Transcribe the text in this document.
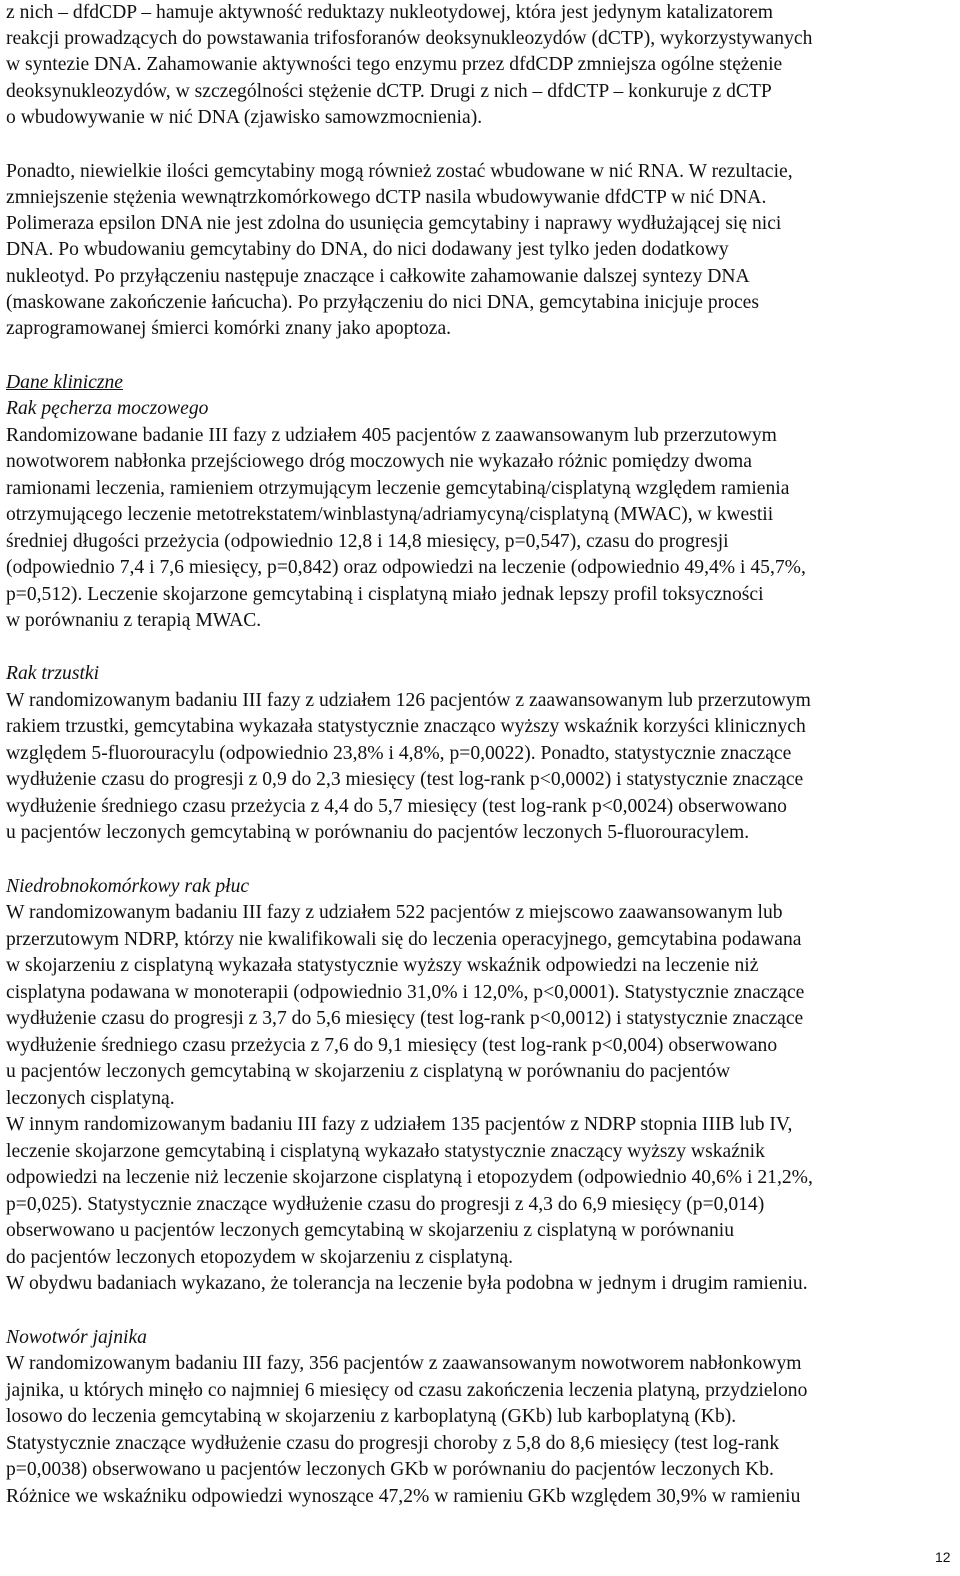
z nich – dfdCDP – hamuje aktywność reduktazy nukleotydowej, która jest jedynym katalizatorem

reakcji prowadzących do powstawania trifosforanów deoksynukleozydów (dCTP), wykorzystywanych

w syntezie DNA. Zahamowanie aktywności tego enzymu przez dfdCDP zmniejsza ogólne stężenie

deoksynukleozydów, w szczególności stężenie dCTP. Drugi z nich – dfdCTP – konkuruje z dCTP

o wbudowywanie w nić DNA (zjawisko samowzmocnienia).

Ponadto, niewielkie ilości gemcytabiny mogą również zostać wbudowane w nić RNA. W rezultacie,

zmniejszenie stężenia wewnątrzkomórkowego dCTP nasila wbudowywanie dfdCTP w nić DNA.

Polimeraza epsilon DNA nie jest zdolna do usunięcia gemcytabiny i naprawy wydłużającej się nici

DNA. Po wbudowaniu gemcytabiny do DNA, do nici dodawany jest tylko jeden dodatkowy

nukleotyd. Po przyłączeniu następuje znaczące i całkowite zahamowanie dalszej syntezy DNA

(maskowane zakończenie łańcucha). Po przyłączeniu do nici DNA, gemcytabina inicjuje proces

zaprogramowanej śmierci komórki znany jako apoptoza.

Dane kliniczne

Rak pęcherza moczowego

Randomizowane badanie III fazy z udziałem 405 pacjentów z zaawansowanym lub przerzutowym

nowotworem nabłonka przejściowego dróg moczowych nie wykazało różnic pomiędzy dwoma

ramionami leczenia, ramieniem otrzymującym leczenie gemcytabiną/cisplatyną względem ramienia

otrzymującego leczenie metotrekstatem/winblastyną/adriamycyną/cisplatyną (MWAC), w kwestii

średniej długości przeżycia (odpowiednio 12,8 i 14,8 miesięcy, p=0,547), czasu do progresji

(odpowiednio 7,4 i 7,6 miesięcy, p=0,842) oraz odpowiedzi na leczenie (odpowiednio 49,4% i 45,7%,

p=0,512). Leczenie skojarzone gemcytabiną i cisplatyną miało jednak lepszy profil toksyczności

w porównaniu z terapią MWAC.

Rak trzustki

W randomizowanym badaniu III fazy z udziałem 126 pacjentów z zaawansowanym lub przerzutowym

rakiem trzustki, gemcytabina wykazała statystycznie znacząco wyższy wskaźnik korzyści klinicznych

względem 5-fluorouracylu (odpowiednio 23,8% i 4,8%, p=0,0022). Ponadto, statystycznie znaczące

wydłużenie czasu do progresji z 0,9 do 2,3 miesięcy (test log-rank p<0,0002) i statystycznie znaczące

wydłużenie średniego czasu przeżycia z 4,4 do 5,7 miesięcy (test log-rank p<0,0024) obserwowano

u pacjentów leczonych gemcytabiną w porównaniu do pacjentów leczonych 5-fluorouracylem.

Niedrobnokomórkowy rak płuc

W randomizowanym badaniu III fazy z udziałem 522 pacjentów z miejscowo zaawansowanym lub

przerzutowym NDRP, którzy nie kwalifikowali się do leczenia operacyjnego, gemcytabina podawana

w skojarzeniu z cisplatyną wykazała statystycznie wyższy wskaźnik odpowiedzi na leczenie niż

cisplatyna podawana w monoterapii (odpowiednio 31,0% i 12,0%, p<0,0001). Statystycznie znaczące

wydłużenie czasu do progresji z 3,7 do 5,6 miesięcy (test log-rank p<0,0012) i statystycznie znaczące

wydłużenie średniego czasu przeżycia z 7,6 do 9,1 miesięcy (test log-rank p<0,004) obserwowano

u pacjentów leczonych gemcytabiną w skojarzeniu z cisplatyną w porównaniu do pacjentów

leczonych cisplatyną.

W innym randomizowanym badaniu III fazy z udziałem 135 pacjentów z NDRP stopnia IIIB lub IV,

leczenie skojarzone gemcytabiną i cisplatyną wykazało statystycznie znaczący wyższy wskaźnik

odpowiedzi na leczenie niż leczenie skojarzone cisplatyną i etopozydem (odpowiednio 40,6% i 21,2%,

p=0,025). Statystycznie znaczące wydłużenie czasu do progresji z 4,3 do 6,9 miesięcy (p=0,014)

obserwowano u pacjentów leczonych gemcytabiną w skojarzeniu z cisplatyną w porównaniu

do pacjentów leczonych etopozydem w skojarzeniu z cisplatyną.

W obydwu badaniach wykazano, że tolerancja na leczenie była podobna w jednym i drugim ramieniu.

Nowotwór jajnika

W randomizowanym badaniu III fazy, 356 pacjentów z zaawansowanym nowotworem nabłonkowym

jajnika, u których minęło co najmniej 6 miesięcy od czasu zakończenia leczenia platyną, przydzielono

losowo do leczenia gemcytabiną w skojarzeniu z karboplatyną (GKb) lub karboplatyną (Kb).

Statystycznie znaczące wydłużenie czasu do progresji choroby z 5,8 do 8,6 miesięcy (test log-rank

p=0,0038) obserwowano u pacjentów leczonych GKb w porównaniu do pacjentów leczonych Kb.

Różnice we wskaźniku odpowiedzi wynoszące 47,2% w ramieniu GKb względem 30,9% w ramieniu

12
